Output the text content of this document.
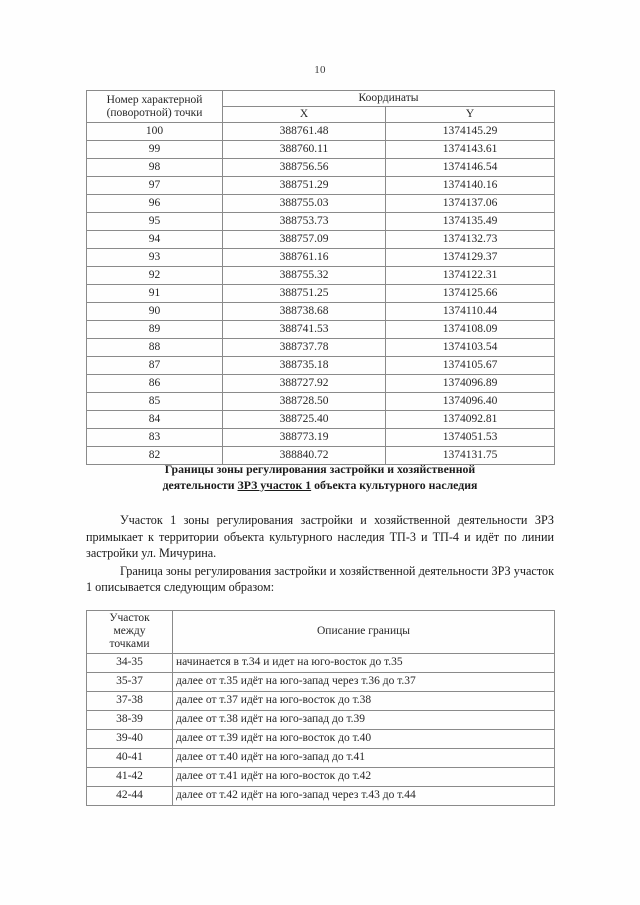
10
Номер характерной
(поворотной) точки	Координаты	
	X	Y
100	388761.48	1374145.29
99	388760.11	1374143.61
98	388756.56	1374146.54
97	388751.29	1374140.16
96	388755.03	1374137.06
95	388753.73	1374135.49
94	388757.09	1374132.73
93	388761.16	1374129.37
92	388755.32	1374122.31
91	388751.25	1374125.66
90	388738.68	1374110.44
89	388741.53	1374108.09
88	388737.78	1374103.54
87	388735.18	1374105.67
86	388727.92	1374096.89
85	388728.50	1374096.40
84	388725.40	1374092.81
83	388773.19	1374051.53
82	388840.72	1374131.75
Границы зоны регулирования застройки и хозяйственной
деятельности ЗРЗ участок 1 объекта культурного наследия

Участок 1 зоны регулирования застройки и хозяйственной деятельности ЗРЗ примыкает к территории объекта культурного наследия ТП-3 и ТП-4 и идёт по линии застройки ул. Мичурина.

Граница зоны регулирования застройки и хозяйственной деятельности ЗРЗ участок 1 описывается следующим образом:

Участок
между
точками	Описание границы
34-35	начинается в т.34 и идет на юго-восток до т.35
35-37	далее от т.35 идёт на юго-запад через т.36 до т.37
37-38	далее от т.37 идёт на юго-восток до т.38
38-39	далее от т.38 идёт на юго-запад до т.39
39-40	далее от т.39 идёт на юго-восток до т.40
40-41	далее от т.40 идёт на юго-запад до т.41
41-42	далее от т.41 идёт на юго-восток до т.42
42-44	далее от т.42 идёт на юго-запад через т.43 до т.44
